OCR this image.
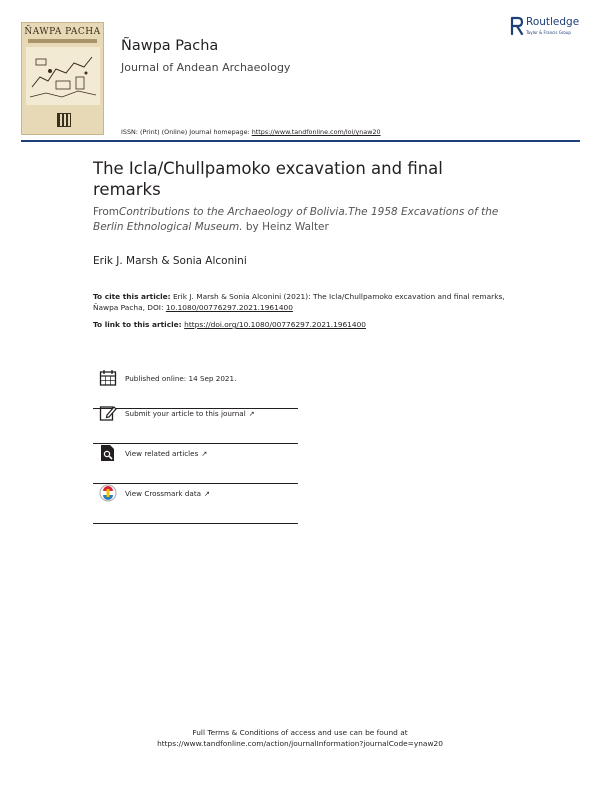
ÑAWPA PACHA
Ñawpa Pacha
Journal of Andean Archaeology
Routledge
Taylor & Francis Group
ISSN: (Print) (Online) Journal homepage: https://www.tandfonline.com/loi/ynaw20
The Icla/Chullpamoko excavation and final remarks
FromContributions to the Archaeology of Bolivia.The 1958 Excavations of the Berlin Ethnological Museum. by Heinz Walter
Erik J. Marsh & Sonia Alconini
To cite this article: Erik J. Marsh & Sonia Alconini (2021): The Icla/Chullpamoko excavation and final remarks, Ñawpa Pacha, DOI: 10.1080/00776297.2021.1961400
To link to this article: https://doi.org/10.1080/00776297.2021.1961400
Published online: 14 Sep 2021.
Submit your article to this journal ↗
View related articles ↗
View Crossmark data ↗
Full Terms & Conditions of access and use can be found at
https://www.tandfonline.com/action/journalInformation?journalCode=ynaw20
